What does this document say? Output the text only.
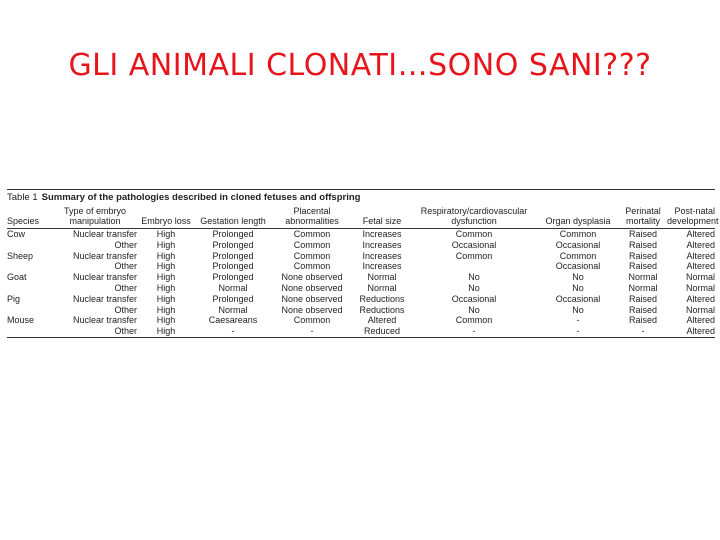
GLI ANIMALI CLONATI…SONO SANI???
Table 1 Summary of the pathologies described in cloned fetuses and offspring
Species	Type of embryo manipulation	Embryo loss	Gestation length	Placental abnormalities	Fetal size	Respiratory/cardiovascular dysfunction	Organ dysplasia	Perinatal mortality	Post-natal development
Cow	Nuclear transfer	High	Prolonged	Common	Increases	Common	Common	Raised	Altered
	Other	High	Prolonged	Common	Increases	Occasional	Occasional	Raised	Altered
Sheep	Nuclear transfer	High	Prolonged	Common	Increases	Common	Common	Raised	Altered
	Other	High	Prolonged	Common	Increases		Occasional	Raised	Altered
Goat	Nuclear transfer	High	Prolonged	None observed	Normal	No	No	Normal	Normal
	Other	High	Normal	None observed	Normal	No	No	Normal	Normal
Pig	Nuclear transfer	High	Prolonged	None observed	Reductions	Occasional	Occasional	Raised	Altered
	Other	High	Normal	None observed	Reductions	No	No	Raised	Normal
Mouse	Nuclear transfer	High	Caesareans	Common	Altered	Common	-	Raised	Altered
	Other	High	-	-	Reduced	-	-	-	Altered
